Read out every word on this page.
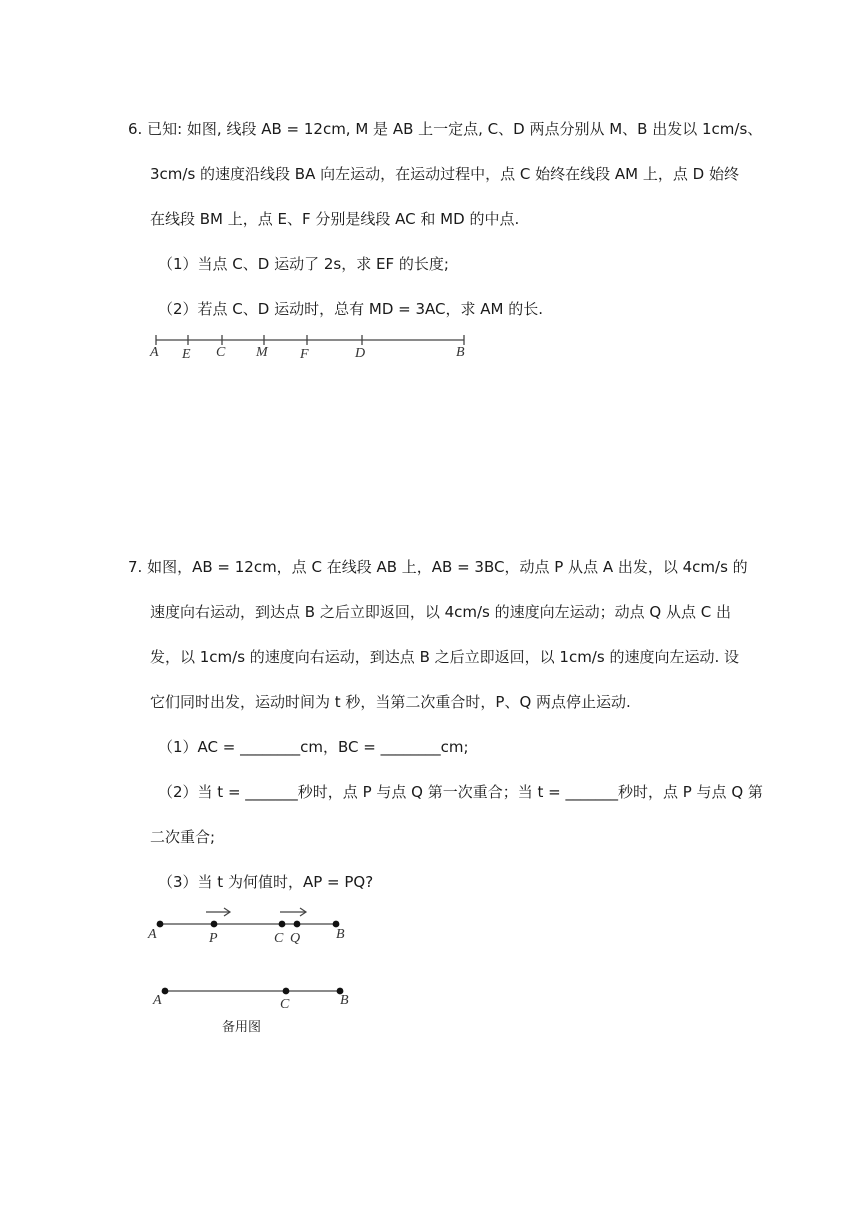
6. 已知: 如图, 线段 AB = 12cm, M 是 AB 上一定点, C、D 两点分别从 M、B 出发以 1cm/s、
3cm/s 的速度沿线段 BA 向左运动，在运动过程中，点 C 始终在线段 AM 上，点 D 始终
在线段 BM 上，点 E、F 分别是线段 AC 和 MD 的中点.
（1）当点 C、D 运动了 2s，求 EF 的长度;
（2）若点 C、D 运动时，总有 MD = 3AC，求 AM 的长.
A E C M F	D	B
7. 如图，AB = 12cm，点 C 在线段 AB 上，AB = 3BC，动点 P 从点 A 出发，以 4cm/s 的
速度向右运动，到达点 B 之后立即返回，以 4cm/s 的速度向左运动；动点 Q 从点 C 出
发，以 1cm/s 的速度向右运动，到达点 B 之后立即返回，以 1cm/s 的速度向左运动. 设
它们同时出发，运动时间为 t 秒，当第二次重合时，P、Q 两点停止运动.
（1）AC = ________cm，BC = ________cm;
（2）当 t = _______秒时，点 P 与点 Q 第一次重合；当 t = _______秒时，点 P 与点 Q 第
二次重合;
（3）当 t 为何值时，AP = PQ?
A	P	C Q	B
A	C	B
备用图
